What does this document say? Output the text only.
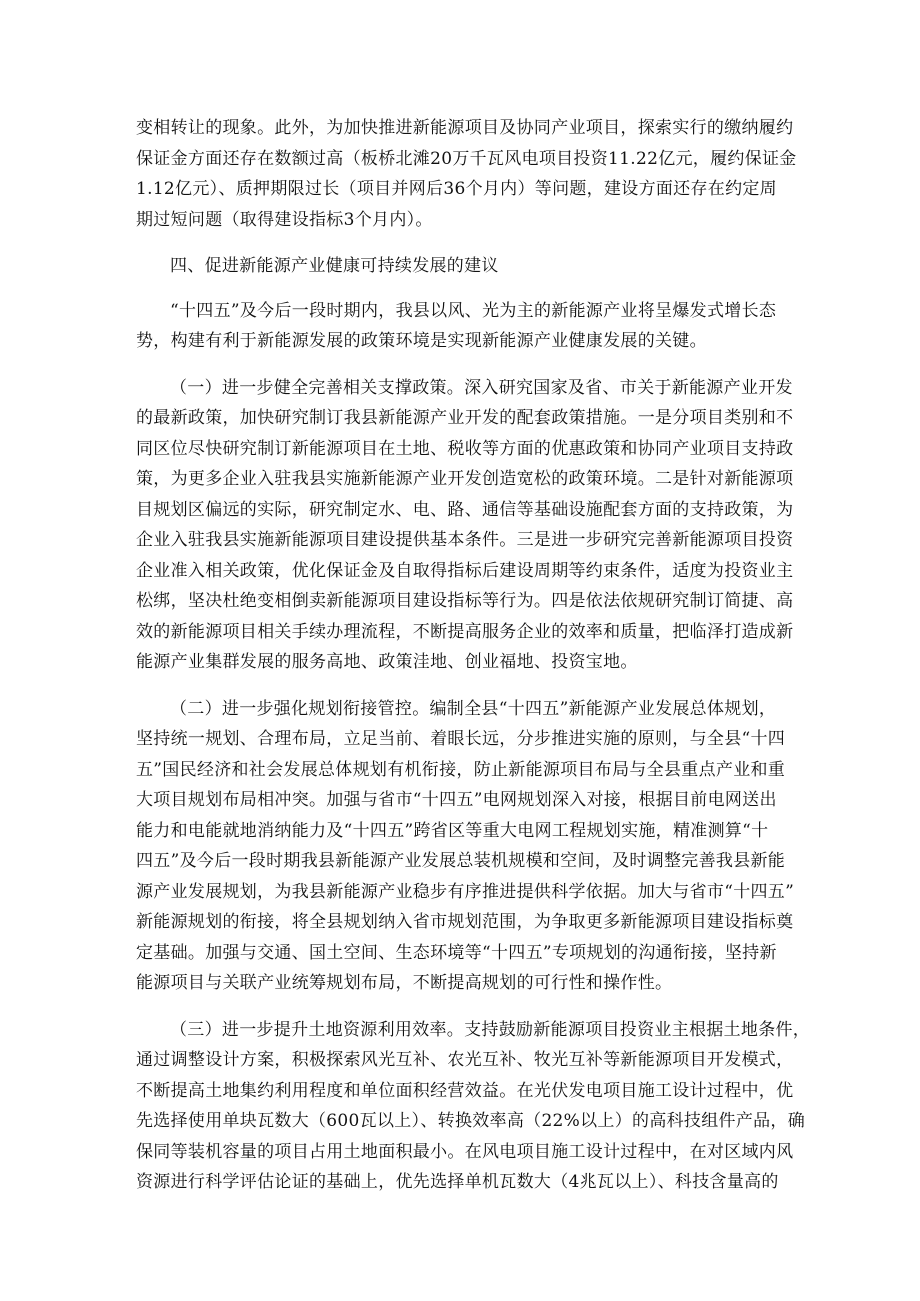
变相转让的现象。此外，为加快推进新能源项目及协同产业项目，探索实行的缴纳履约
保证金方面还存在数额过高（板桥北滩20万千瓦风电项目投资11.22亿元，履约保证金
1.12亿元）、质押期限过长（项目并网后36个月内）等问题，建设方面还存在约定周
期过短问题（取得建设指标3个月内）。

四、促进新能源产业健康可持续发展的建议

“十四五”及今后一段时期内，我县以风、光为主的新能源产业将呈爆发式增长态
势，构建有利于新能源发展的政策环境是实现新能源产业健康发展的关键。

（一）进一步健全完善相关支撑政策。深入研究国家及省、市关于新能源产业开发
的最新政策，加快研究制订我县新能源产业开发的配套政策措施。一是分项目类别和不
同区位尽快研究制订新能源项目在土地、税收等方面的优惠政策和协同产业项目支持政
策，为更多企业入驻我县实施新能源产业开发创造宽松的政策环境。二是针对新能源项
目规划区偏远的实际，研究制定水、电、路、通信等基础设施配套方面的支持政策，为
企业入驻我县实施新能源项目建设提供基本条件。三是进一步研究完善新能源项目投资
企业准入相关政策，优化保证金及自取得指标后建设周期等约束条件，适度为投资业主
松绑，坚决杜绝变相倒卖新能源项目建设指标等行为。四是依法依规研究制订简捷、高
效的新能源项目相关手续办理流程，不断提高服务企业的效率和质量，把临泽打造成新
能源产业集群发展的服务高地、政策洼地、创业福地、投资宝地。

（二）进一步强化规划衔接管控。编制全县“十四五”新能源产业发展总体规划，
坚持统一规划、合理布局，立足当前、着眼长远，分步推进实施的原则，与全县“十四
五”国民经济和社会发展总体规划有机衔接，防止新能源项目布局与全县重点产业和重
大项目规划布局相冲突。加强与省市“十四五”电网规划深入对接，根据目前电网送出
能力和电能就地消纳能力及“十四五”跨省区等重大电网工程规划实施，精准测算“十
四五”及今后一段时期我县新能源产业发展总装机规模和空间，及时调整完善我县新能
源产业发展规划，为我县新能源产业稳步有序推进提供科学依据。加大与省市“十四五”
新能源规划的衔接，将全县规划纳入省市规划范围，为争取更多新能源项目建设指标奠
定基础。加强与交通、国土空间、生态环境等“十四五”专项规划的沟通衔接，坚持新
能源项目与关联产业统筹规划布局，不断提高规划的可行性和操作性。

（三）进一步提升土地资源利用效率。支持鼓励新能源项目投资业主根据土地条件，
通过调整设计方案，积极探索风光互补、农光互补、牧光互补等新能源项目开发模式，
不断提高土地集约利用程度和单位面积经营效益。在光伏发电项目施工设计过程中，优
先选择使用单块瓦数大（600瓦以上）、转换效率高（22%以上）的高科技组件产品，确
保同等装机容量的项目占用土地面积最小。在风电项目施工设计过程中，在对区域内风
资源进行科学评估论证的基础上，优先选择单机瓦数大（4兆瓦以上）、科技含量高的
